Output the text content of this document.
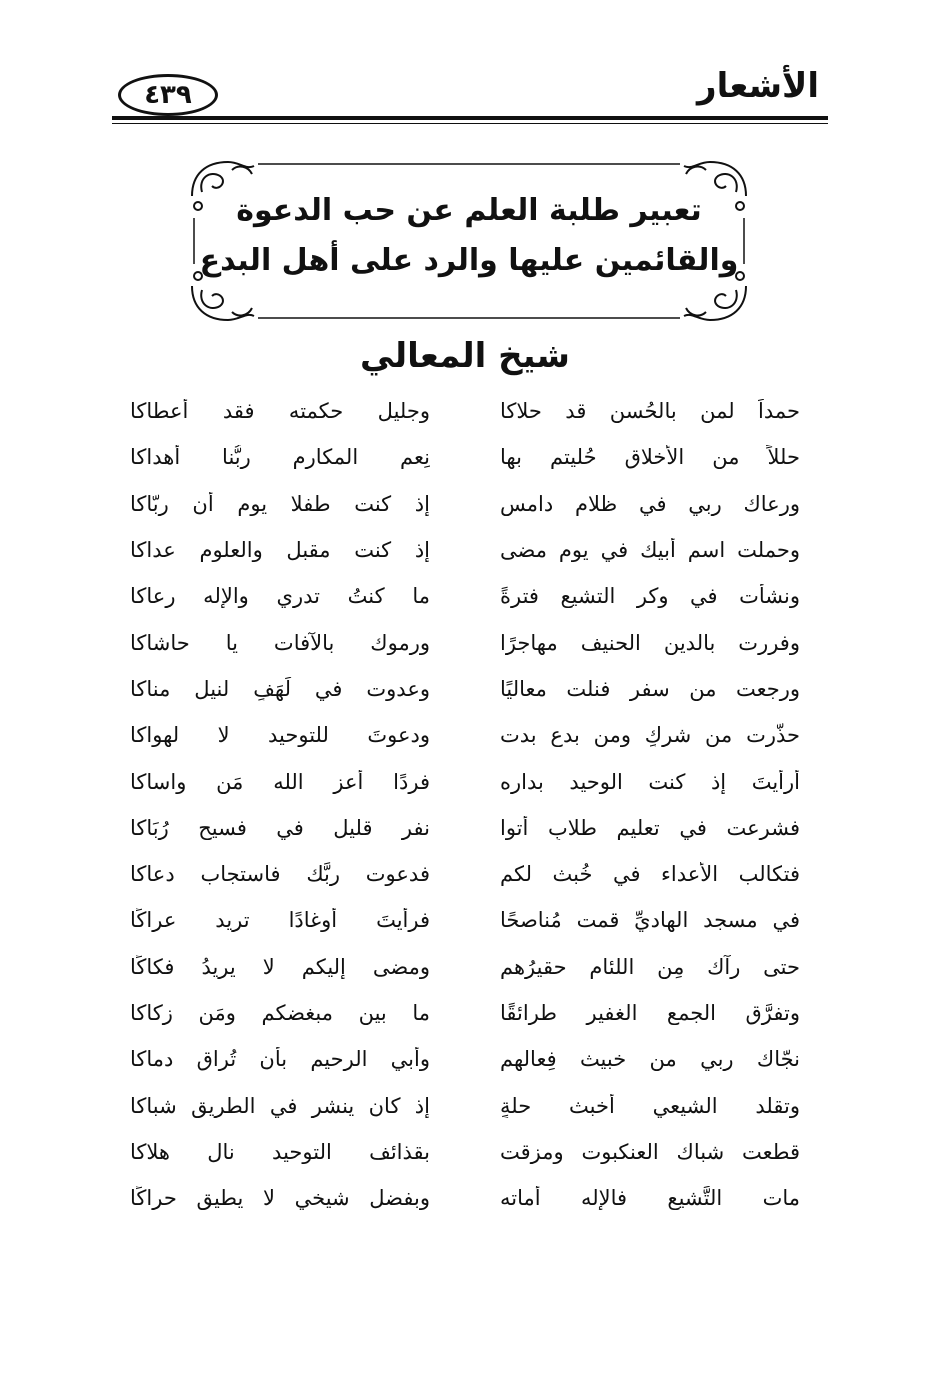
الأشعار
٤٣٩
تعبير طلبة العلم عن حب الدعوة
والقائمين عليها والرد على أهل البدع
شيخ المعالي
حمداً لمن بالحُسن قد حلاكا
وجليل حكمته فقد أعطاكا
حللاً من الأخلاق حُليتم بها
نِعم المكارم ربُّنا أهداكا
ورعاك ربي في ظلام دامس
إذ كنت طفلا يوم أن ربّاكا
وحملت اسم أبيك في يوم مضى
إذ كنت مقبل والعلوم عداكا
ونشأت في وكر التشيع فترةً
ما كنتُ تدري والإله رعاكا
وفررت بالدين الحنيف مهاجرًا
ورموك بالآفات يا حاشاكا
ورجعت من سفرٍ فنلت معاليًا
وعدوت في لَهَفٍ لنيل مناكا
حذَّرت من شركٍ ومن بدعٍ بدت
ودعوتَ للتوحيد لا لهواكا
أرأيتَ إذ كنت الوحيد بداره
فردًا أعز الله مَن واساكا
فشرعت في تعليم طلابٍ أتوا
نفر قليل في فسيح رُبَاكا
فتكالب الأعداء في خُبث لكم
فدعوت ربَّك فاستجاب دعاكا
في مسجد الهاديِّ قمت مُناصحًا
فرأيتَ أوغادًا تريد عراكًا
حتى رآك مِن اللئام حقيرُهم
ومضى إليكم لا يريدُ فكاكًا
وتفرَّق الجمع الغفير طرائقًا
ما بين مبغضكم ومَن زكاكا
نجّاك ربي من خبيث فِعالهم
وأبي الرحيم بأن تُراق دماكا
وتقلد الشيعي أخبث حلةٍ
إذ كان ينشر في الطريق شباكا
قطعت شباك العنكبوت ومزقت
بقذائف التوحيد نال هلاكا
مات التَّشيع فالإله أماته
وبفضل شيخي لا يطيق حراكًا
